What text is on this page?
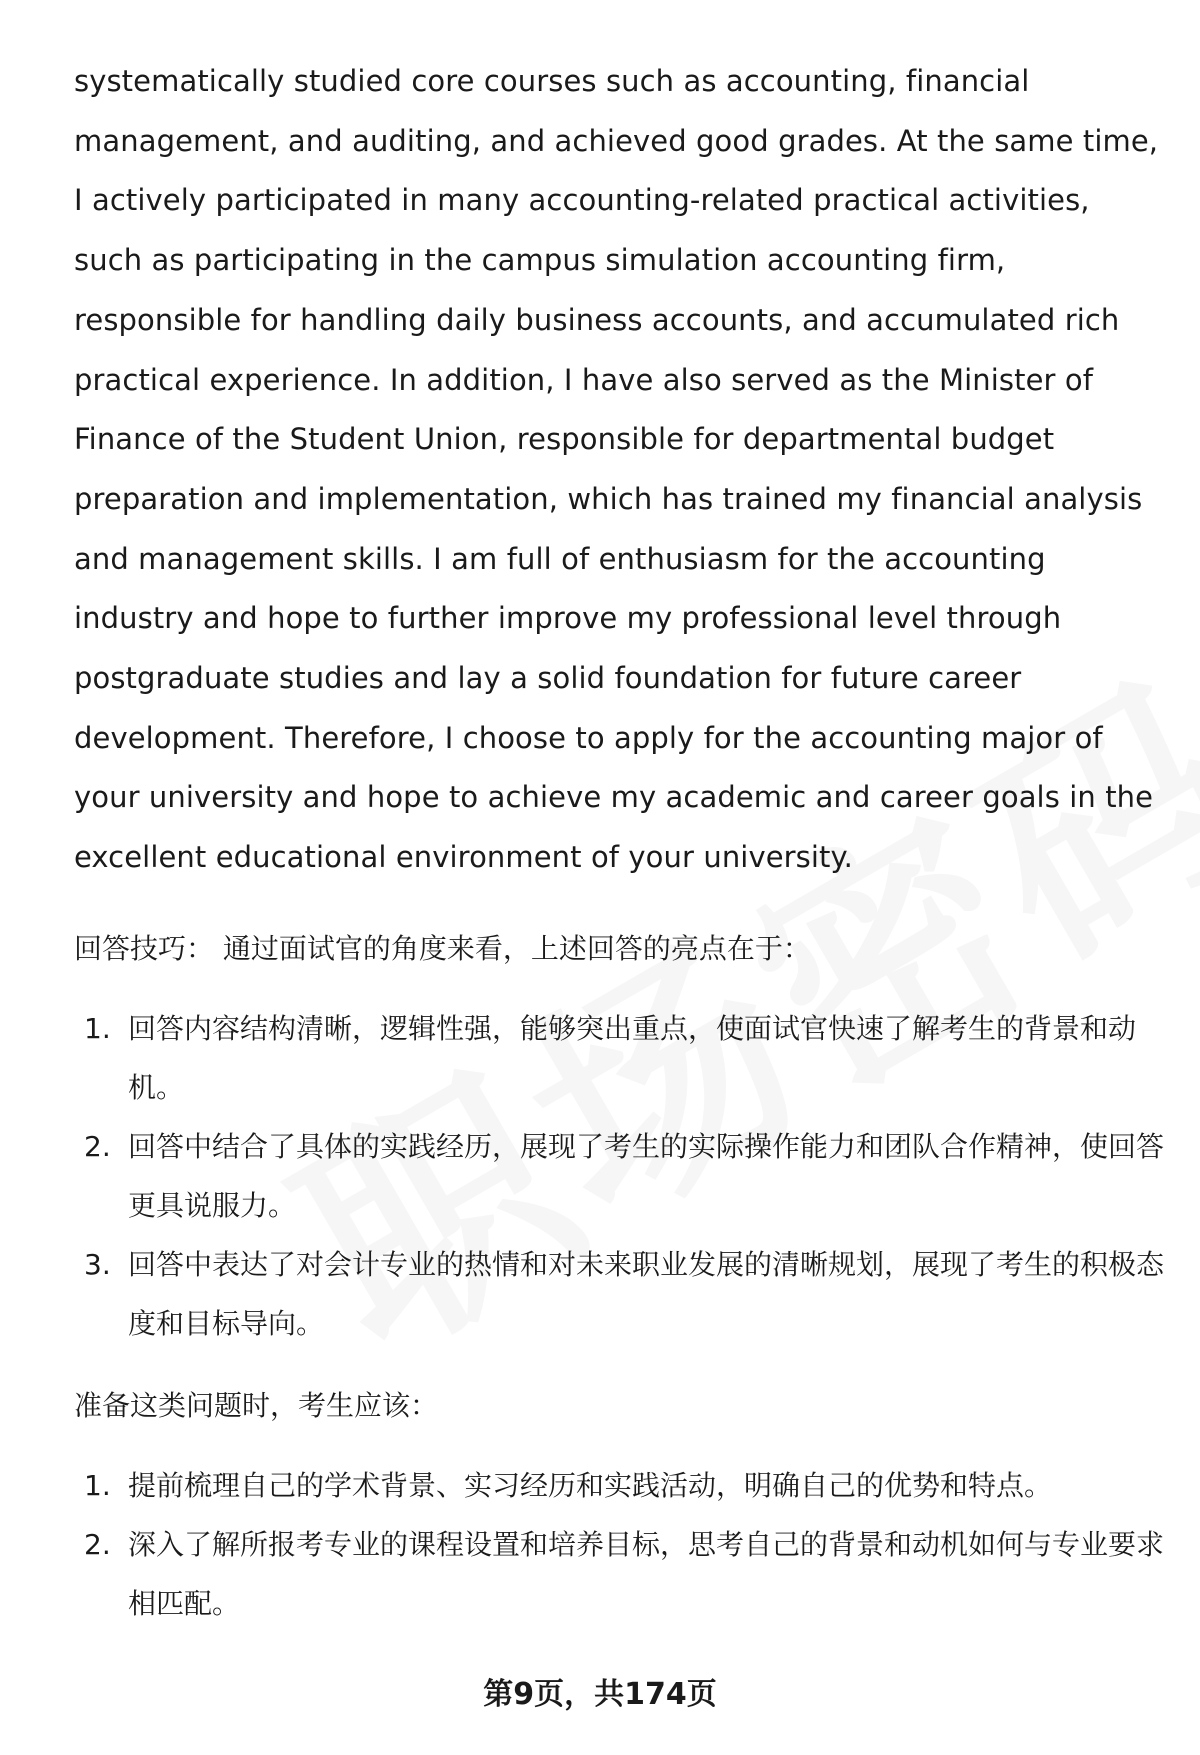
systematically studied core courses such as accounting, financial management, and auditing, and achieved good grades. At the same time, I actively participated in many accounting-related practical activities, such as participating in the campus simulation accounting firm, responsible for handling daily business accounts, and accumulated rich practical experience. In addition, I have also served as the Minister of Finance of the Student Union, responsible for departmental budget preparation and implementation, which has trained my financial analysis and management skills. I am full of enthusiasm for the accounting industry and hope to further improve my professional level through postgraduate studies and lay a solid foundation for future career development. Therefore, I choose to apply for the accounting major of your university and hope to achieve my academic and career goals in the excellent educational environment of your university.

回答技巧： 通过面试官的角度来看，上述回答的亮点在于：
1. 回答内容结构清晰，逻辑性强，能够突出重点，使面试官快速了解考生的背景和动机。
2. 回答中结合了具体的实践经历，展现了考生的实际操作能力和团队合作精神，使回答更具说服力。
3. 回答中表达了对会计专业的热情和对未来职业发展的清晰规划，展现了考生的积极态度和目标导向。
准备这类问题时，考生应该：
1. 提前梳理自己的学术背景、实习经历和实践活动，明确自己的优势和特点。
2. 深入了解所报考专业的课程设置和培养目标，思考自己的背景和动机如何与专业要求相匹配。
第9页，共174页
